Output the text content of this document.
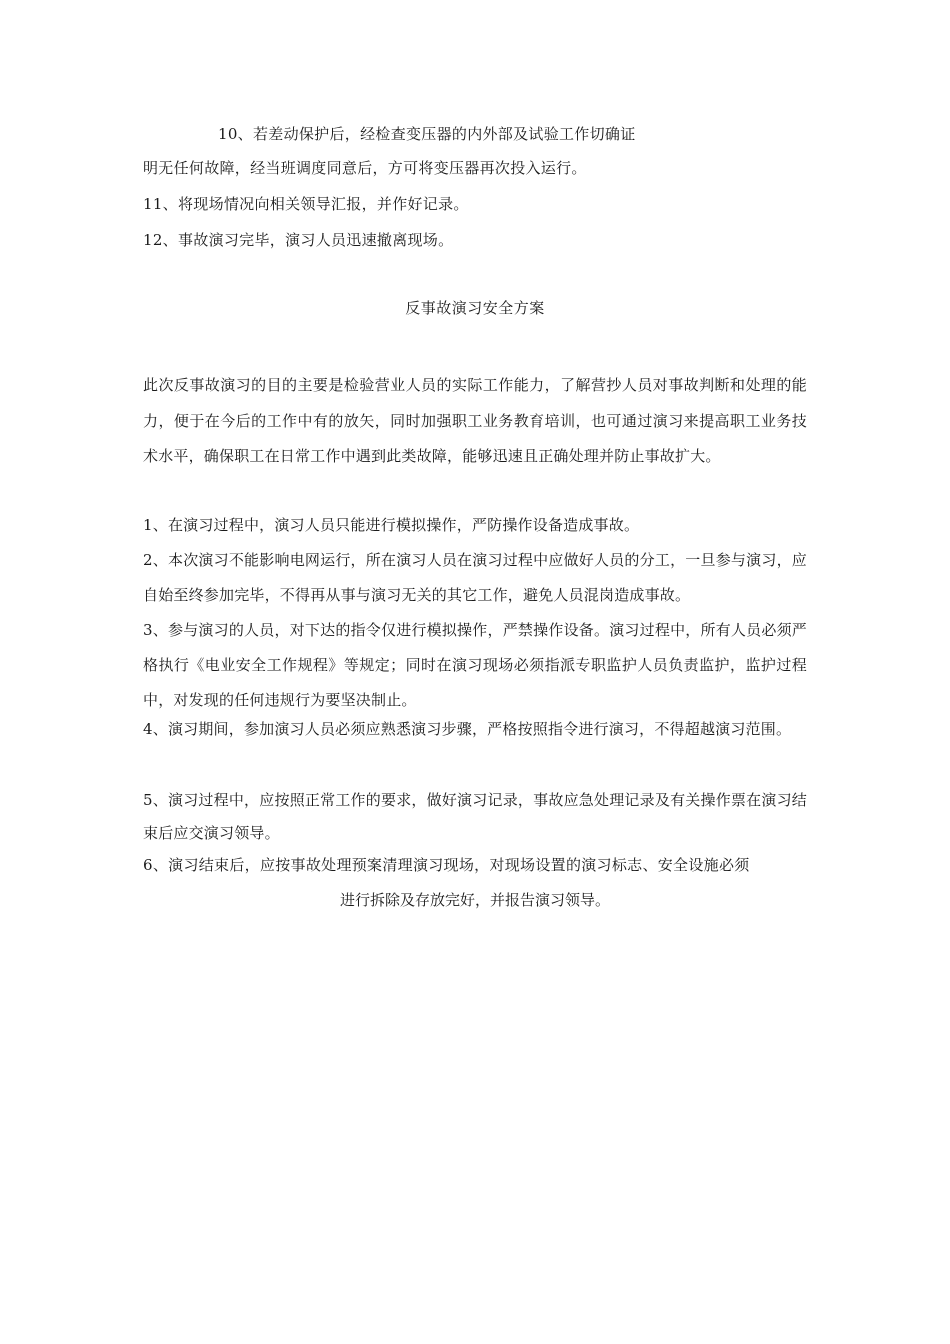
10、若差动保护后，经检查变压器的内外部及试验工作切确证
明无任何故障，经当班调度同意后，方可将变压器再次投入运行。
11、将现场情况向相关领导汇报，并作好记录。
12、事故演习完毕，演习人员迅速撤离现场。
反事故演习安全方案
此次反事故演习的目的主要是检验营业人员的实际工作能力，了解营抄人员对事故判断和处理的能力，便于在今后的工作中有的放矢，同时加强职工业务教育培训，也可通过演习来提高职工业务技术水平，确保职工在日常工作中遇到此类故障，能够迅速且正确处理并防止事故扩大。
1、在演习过程中，演习人员只能进行模拟操作，严防操作设备造成事故。
2、本次演习不能影响电网运行，所在演习人员在演习过程中应做好人员的分工，一旦参与演习，应自始至终参加完毕，不得再从事与演习无关的其它工作，避免人员混岗造成事故。
3、参与演习的人员，对下达的指令仅进行模拟操作，严禁操作设备。演习过程中，所有人员必须严格执行《电业安全工作规程》等规定；同时在演习现场必须指派专职监护人员负责监护，监护过程中，对发现的任何违规行为要坚决制止。
4、演习期间，参加演习人员必须应熟悉演习步骤，严格按照指令进行演习，不得超越演习范围。
5、演习过程中，应按照正常工作的要求，做好演习记录，事故应急处理记录及有关操作票在演习结束后应交演习领导。
6、演习结束后，应按事故处理预案清理演习现场，对现场设置的演习标志、安全设施必须
进行拆除及存放完好，并报告演习领导。
